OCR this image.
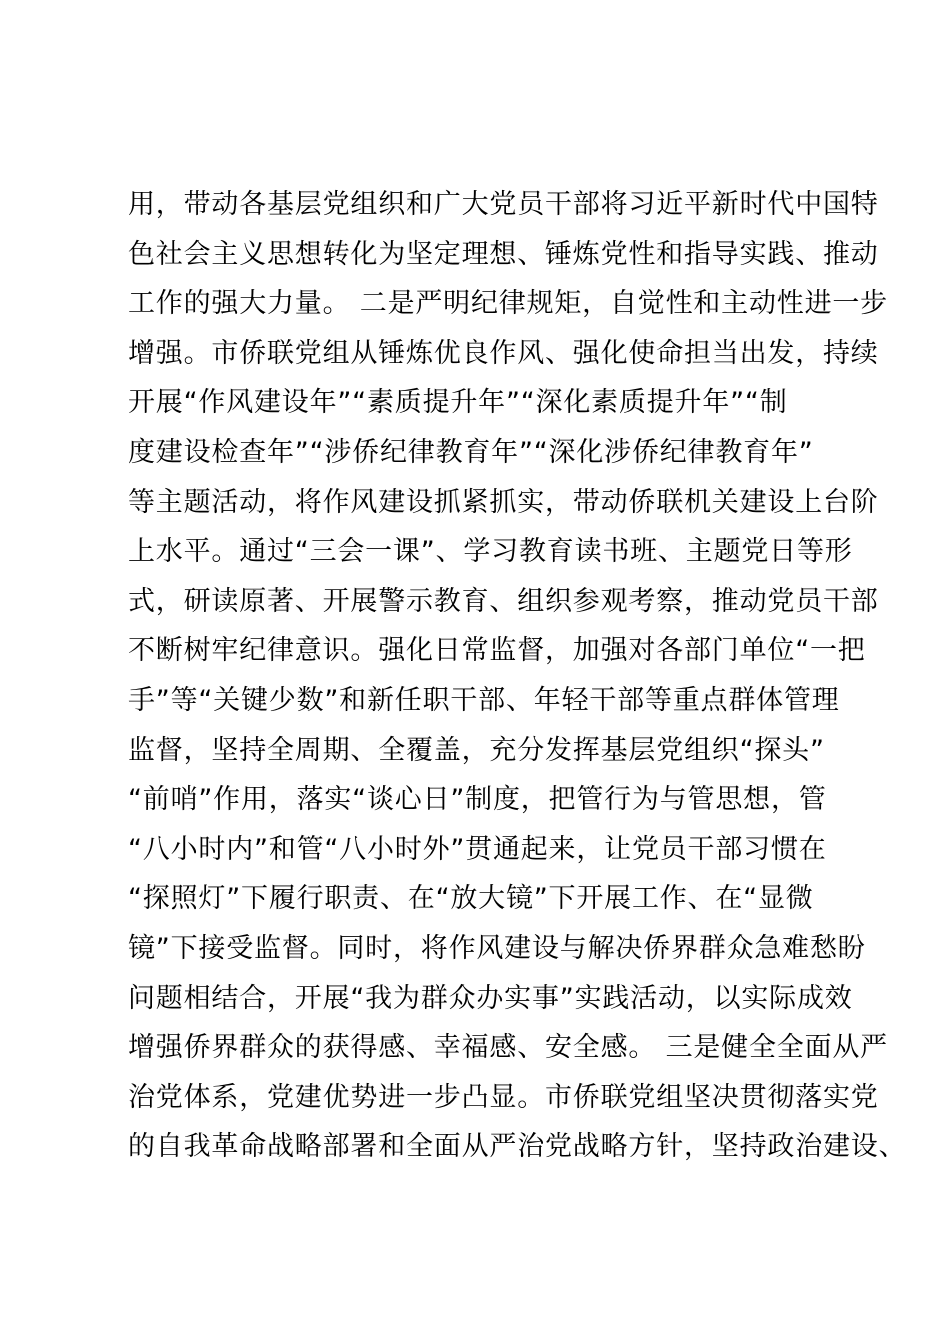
用，带动各基层党组织和广大党员干部将习近平新时代中国特
色社会主义思想转化为坚定理想、锤炼党性和指导实践、推动
工作的强大力量。 二是严明纪律规矩，自觉性和主动性进一步
增强。市侨联党组从锤炼优良作风、强化使命担当出发，持续
开展“作风建设年”“素质提升年”“深化素质提升年”“制
度建设检查年”“涉侨纪律教育年”“深化涉侨纪律教育年”
等主题活动，将作风建设抓紧抓实，带动侨联机关建设上台阶
上水平。通过“三会一课”、学习教育读书班、主题党日等形
式，研读原著、开展警示教育、组织参观考察，推动党员干部
不断树牢纪律意识。强化日常监督，加强对各部门单位“一把
手”等“关键少数”和新任职干部、年轻干部等重点群体管理
监督，坚持全周期、全覆盖，充分发挥基层党组织“探头”
“前哨”作用，落实“谈心日”制度，把管行为与管思想，管
“八小时内”和管“八小时外”贯通起来，让党员干部习惯在
“探照灯”下履行职责、在“放大镜”下开展工作、在“显微
镜”下接受监督。同时，将作风建设与解决侨界群众急难愁盼
问题相结合，开展“我为群众办实事”实践活动，以实际成效
增强侨界群众的获得感、幸福感、安全感。 三是健全全面从严
治党体系，党建优势进一步凸显。市侨联党组坚决贯彻落实党
的自我革命战略部署和全面从严治党战略方针，坚持政治建设、
